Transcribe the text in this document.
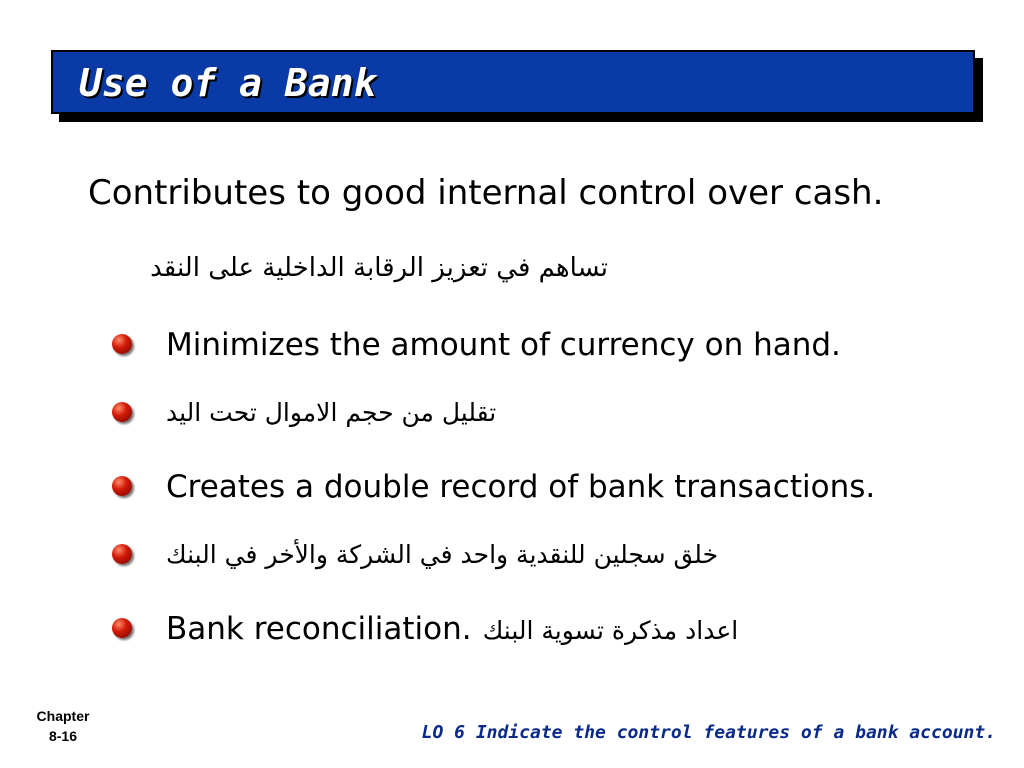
Use of a Bank
Contributes to good internal control over cash.
تساهم في تعزيز الرقابة الداخلية على النقد
Minimizes the amount of currency on hand.
تقليل من حجم الاموال تحت اليد
Creates a double record of bank transactions.
خلق سجلين للنقدية واحد في الشركة والأخر في البنك
Bank reconciliation. اعداد مذكرة تسوية البنك
Chapter
8-16	LO 6 Indicate the control features of a bank account.
